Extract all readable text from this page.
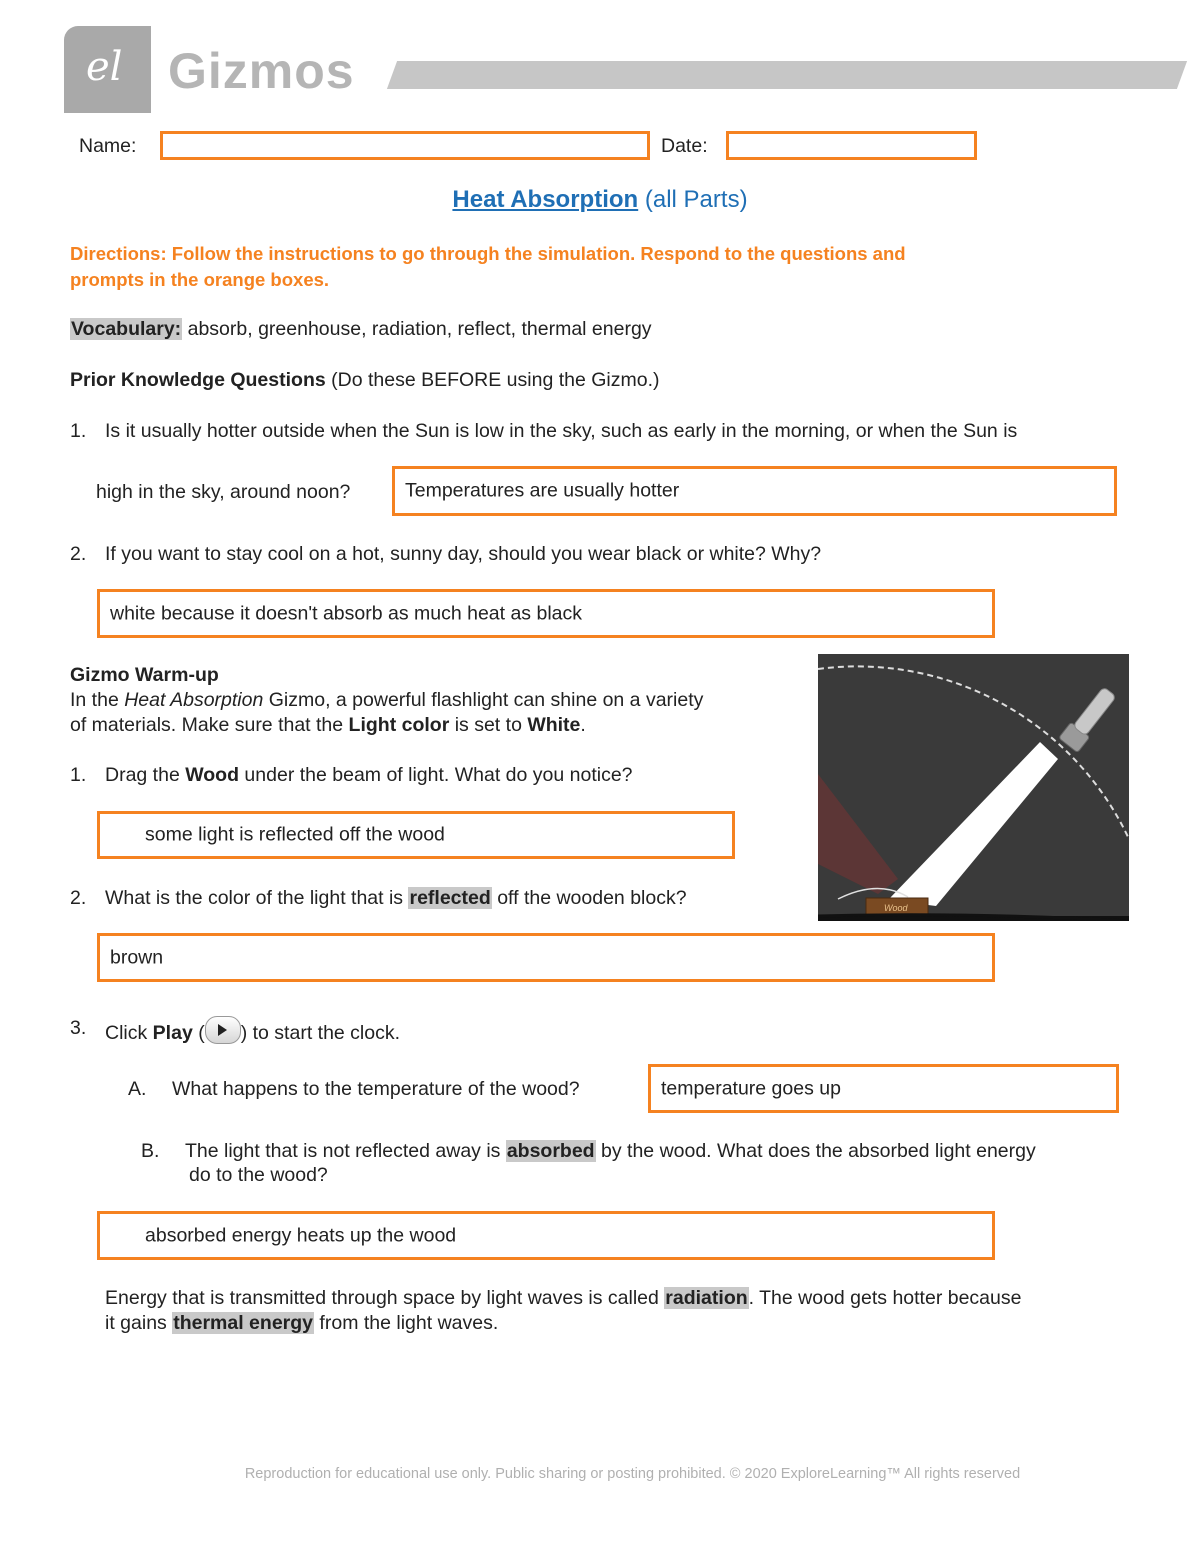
el Gizmos
Name:	Date:
Heat Absorption (all Parts)
Directions: Follow the instructions to go through the simulation. Respond to the questions and
prompts in the orange boxes.
Vocabulary: absorb, greenhouse, radiation, reflect, thermal energy
Prior Knowledge Questions (Do these BEFORE using the Gizmo.)
1. Is it usually hotter outside when the Sun is low in the sky, such as early in the morning, or when the Sun is
high in the sky, around noon?	Temperatures are usually hotter
2. If you want to stay cool on a hot, sunny day, should you wear black or white? Why?
white because it doesn't absorb as much heat as black
Gizmo Warm-up
In the Heat Absorption Gizmo, a powerful flashlight can shine on a variety
of materials. Make sure that the Light color is set to White.
Wood
1. Drag the Wood under the beam of light. What do you notice?
some light is reflected off the wood
2. What is the color of the light that is reflected off the wooden block?
brown
3. Click Play ( ) to start the clock.
A. What happens to the temperature of the wood?	temperature goes up
B. The light that is not reflected away is absorbed by the wood. What does the absorbed light energy
do to the wood?
absorbed energy heats up the wood
Energy that is transmitted through space by light waves is called radiation. The wood gets hotter because
it gains thermal energy from the light waves.
Reproduction for educational use only. Public sharing or posting prohibited. © 2020 ExploreLearning™ All rights reserved
